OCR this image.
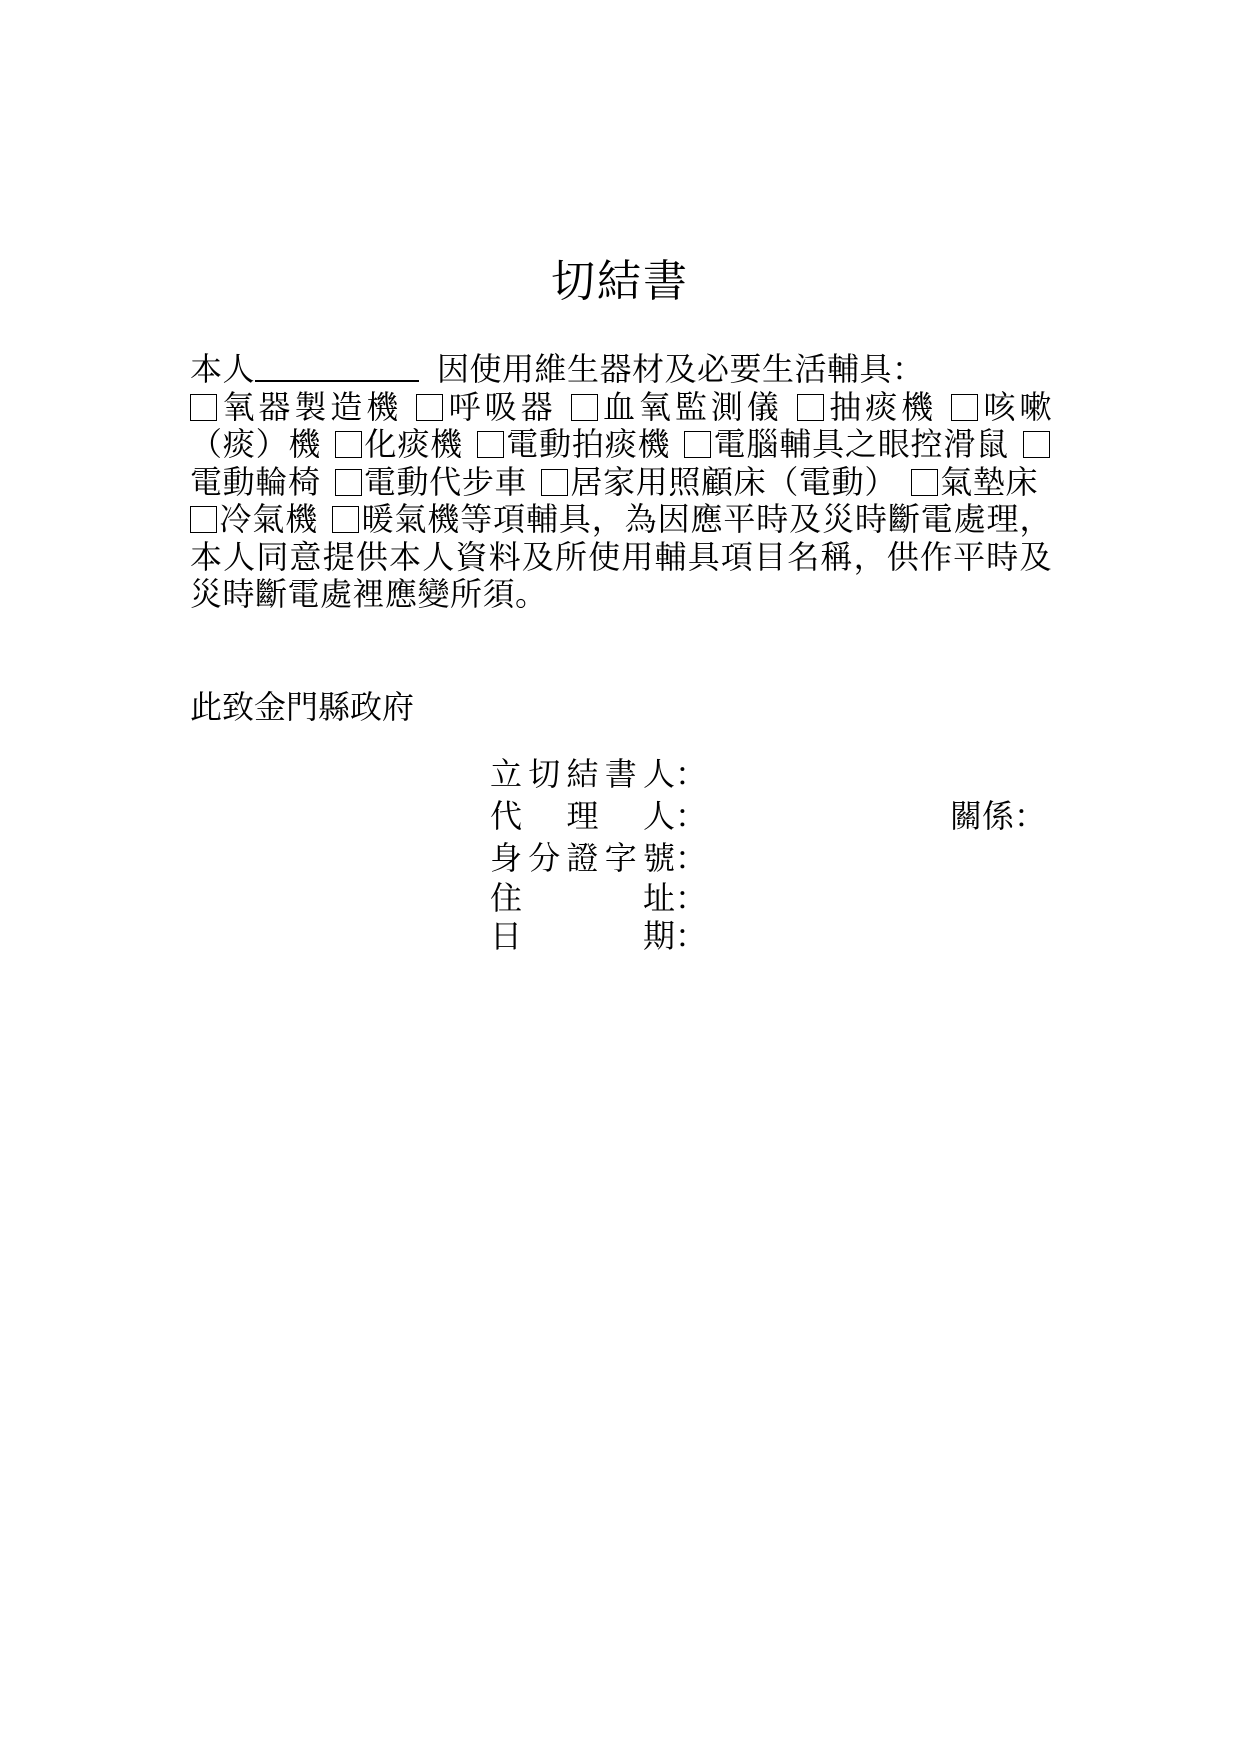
切結書
本人	因使用維生器材及必要生活輔具：
氧器製造機 呼吸器 血氧監測儀 抽痰機 咳嗽（痰）機 化痰機 電動拍痰機 電腦輔具之眼控滑鼠電動輪椅 電動代步車 居家用照顧床（電動） 氣墊床冷氣機 暖氣機等項輔具，為因應平時及災時斷電處理，本人同意提供本人資料及所使用輔具項目名稱，供作平時及災時斷電處裡應變所須。
此致金門縣政府
立切結書人：
代理人：	關係：
身分證字號：
住址：
日期：
